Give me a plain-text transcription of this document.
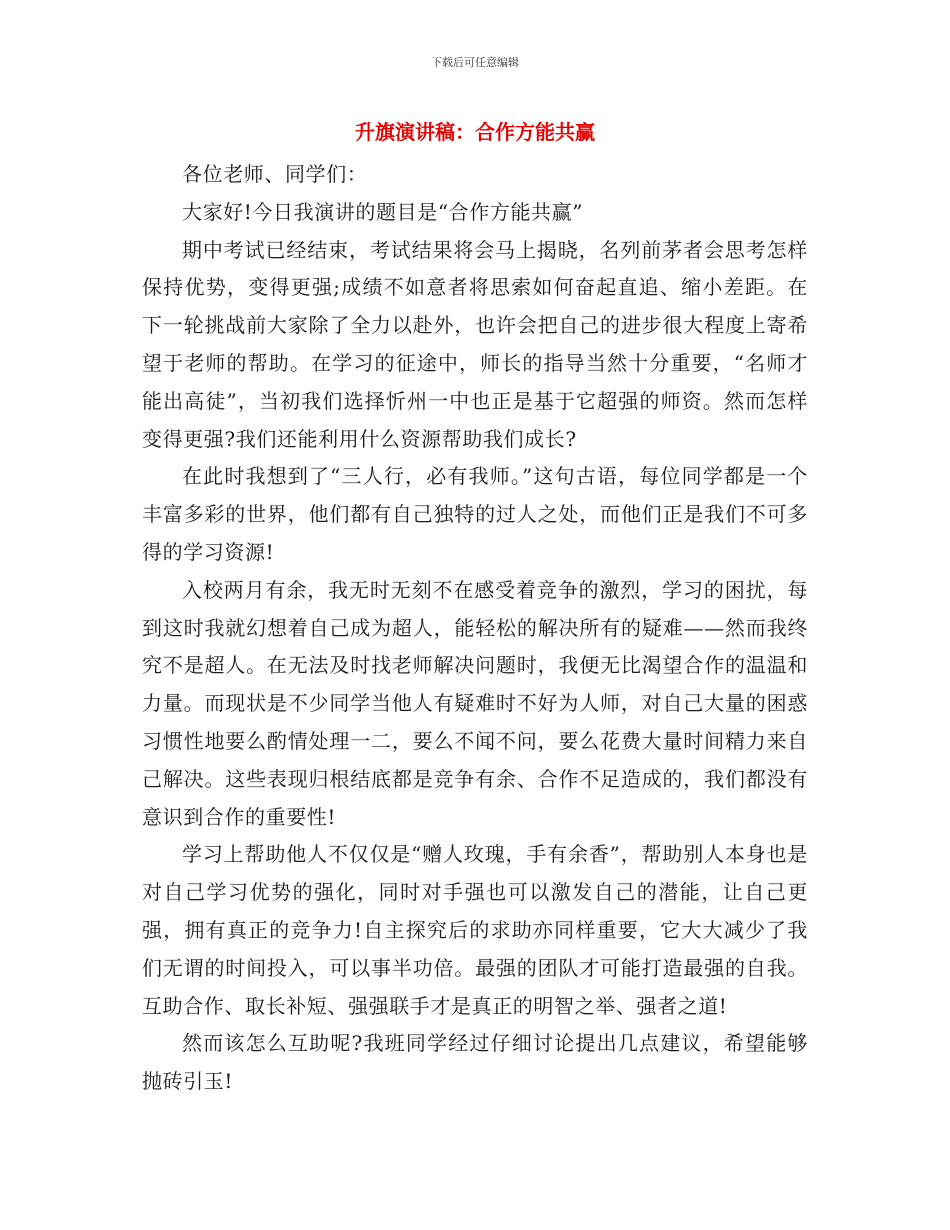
下载后可任意编辑
升旗演讲稿：合作方能共赢

各位老师、同学们：

大家好!今日我演讲的题目是“合作方能共赢”

期中考试已经结束，考试结果将会马上揭晓，名列前茅者会思考怎样保持优势，变得更强;成绩不如意者将思索如何奋起直追、缩小差距。在下一轮挑战前大家除了全力以赴外，也许会把自己的进步很大程度上寄希望于老师的帮助。在学习的征途中，师长的指导当然十分重要，“名师才能出高徒”，当初我们选择忻州一中也正是基于它超强的师资。然而怎样变得更强?我们还能利用什么资源帮助我们成长?

在此时我想到了“三人行，必有我师。”这句古语，每位同学都是一个丰富多彩的世界，他们都有自己独特的过人之处，而他们正是我们不可多得的学习资源!

入校两月有余，我无时无刻不在感受着竞争的激烈，学习的困扰，每到这时我就幻想着自己成为超人，能轻松的解决所有的疑难——然而我终究不是超人。在无法及时找老师解决问题时，我便无比渴望合作的温温和力量。而现状是不少同学当他人有疑难时不好为人师，对自己大量的困惑习惯性地要么酌情处理一二，要么不闻不问，要么花费大量时间精力来自己解决。这些表现归根结底都是竞争有余、合作不足造成的，我们都没有意识到合作的重要性!

学习上帮助他人不仅仅是“赠人玫瑰，手有余香”，帮助别人本身也是对自己学习优势的强化，同时对手强也可以激发自己的潜能，让自己更强，拥有真正的竞争力!自主探究后的求助亦同样重要，它大大减少了我们无谓的时间投入，可以事半功倍。最强的团队才可能打造最强的自我。互助合作、取长补短、强强联手才是真正的明智之举、强者之道!

然而该怎么互助呢?我班同学经过仔细讨论提出几点建议，希望能够抛砖引玉!
